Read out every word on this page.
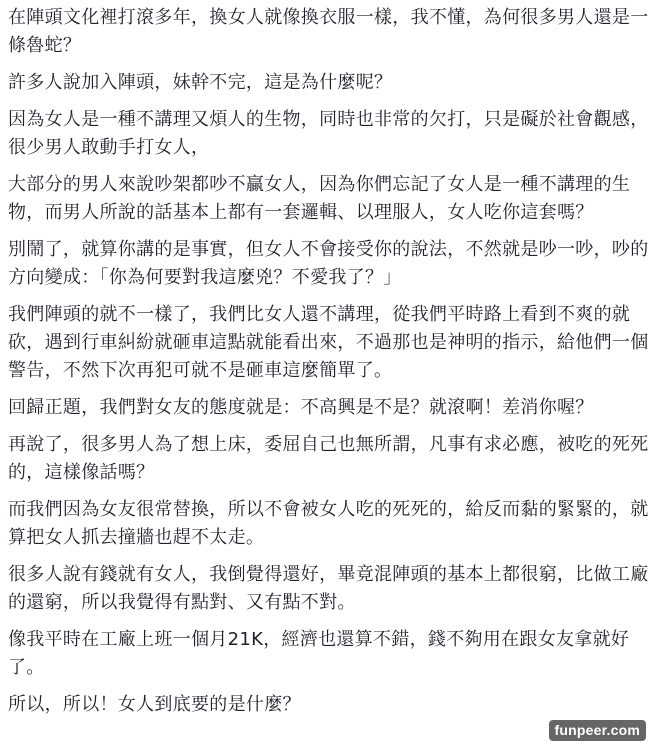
在陣頭文化裡打滾多年，換女人就像換衣服一樣，我不懂，為何很多男人還是一條魯蛇？

許多人說加入陣頭，妹幹不完，這是為什麼呢？

因為女人是一種不講理又煩人的生物，同時也非常的欠打，只是礙於社會觀感，很少男人敢動手打女人，

大部分的男人來說吵架都吵不贏女人，因為你們忘記了女人是一種不講理的生物，而男人所說的話基本上都有一套邏輯、以理服人，女人吃你這套嗎？

別鬧了，就算你講的是事實，但女人不會接受你的說法，不然就是吵一吵，吵的方向變成：「你為何要對我這麼兇？不愛我了？」

我們陣頭的就不一樣了，我們比女人還不講理，從我們平時路上看到不爽的就砍，遇到行車糾紛就砸車這點就能看出來，不過那也是神明的指示，給他們一個警告，不然下次再犯可就不是砸車這麼簡單了。

回歸正題，我們對女友的態度就是：不高興是不是？就滾啊！差消你喔？

再說了，很多男人為了想上床，委屈自己也無所謂，凡事有求必應，被吃的死死的，這樣像話嗎？

而我們因為女友很常替換，所以不會被女人吃的死死的，給反而黏的緊緊的，就算把女人抓去撞牆也趕不太走。

很多人說有錢就有女人，我倒覺得還好，畢竟混陣頭的基本上都很窮，比做工廠的還窮，所以我覺得有點對、又有點不對。

像我平時在工廠上班一個月21K，經濟也還算不錯，錢不夠用在跟女友拿就好了。

所以，所以！女人到底要的是什麼？

funpeer.com
